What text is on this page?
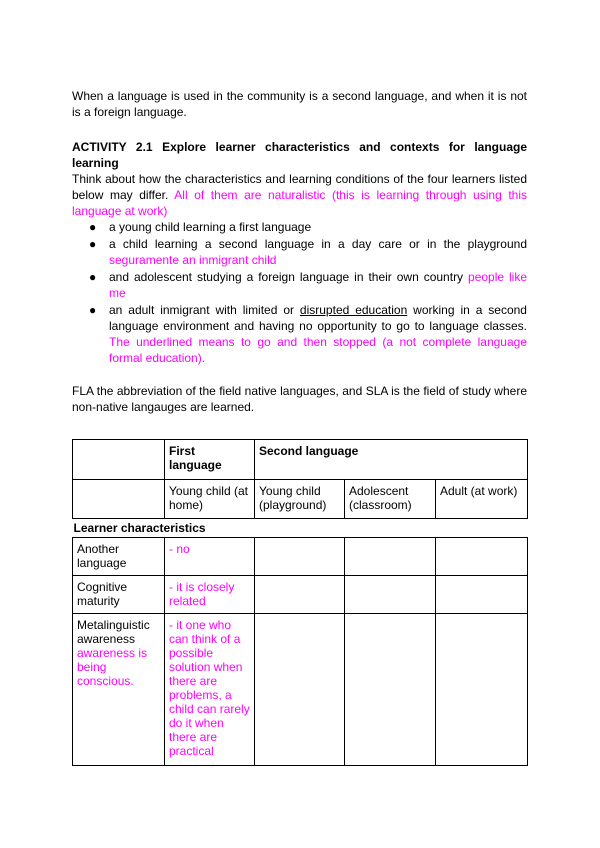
When a language is used in the community is a second language, and when it is not is a foreign language.

ACTIVITY 2.1 Explore learner characteristics and contexts for language learning

Think about how the characteristics and learning conditions of the four learners listed below may differ. All of them are naturalistic (this is learning through using this language at work)

● a young child learning a first language
● a child learning a second language in a day care or in the playground seguramente an inmigrant child
● and adolescent studying a foreign language in their own country people like me
● an adult inmigrant with limited or disrupted education working in a second language environment and having no opportunity to go to language classes. The underlined means to go and then stopped (a not complete language formal education).

FLA the abbreviation of the field native languages, and SLA is the field of study where non-native langauges are learned.

	First language	Second language		
	Young child (at home)	Young child (playground)	Adolescent (classroom)	Adult (at work)
Learner characteristics				
Another language	- no			
Cognitive maturity	- it is closely related			

Metalinguistic awareness
awareness is being conscious.	- it one who can think of a possible solution when there are problems, a child can rarely do it when there are practical			
